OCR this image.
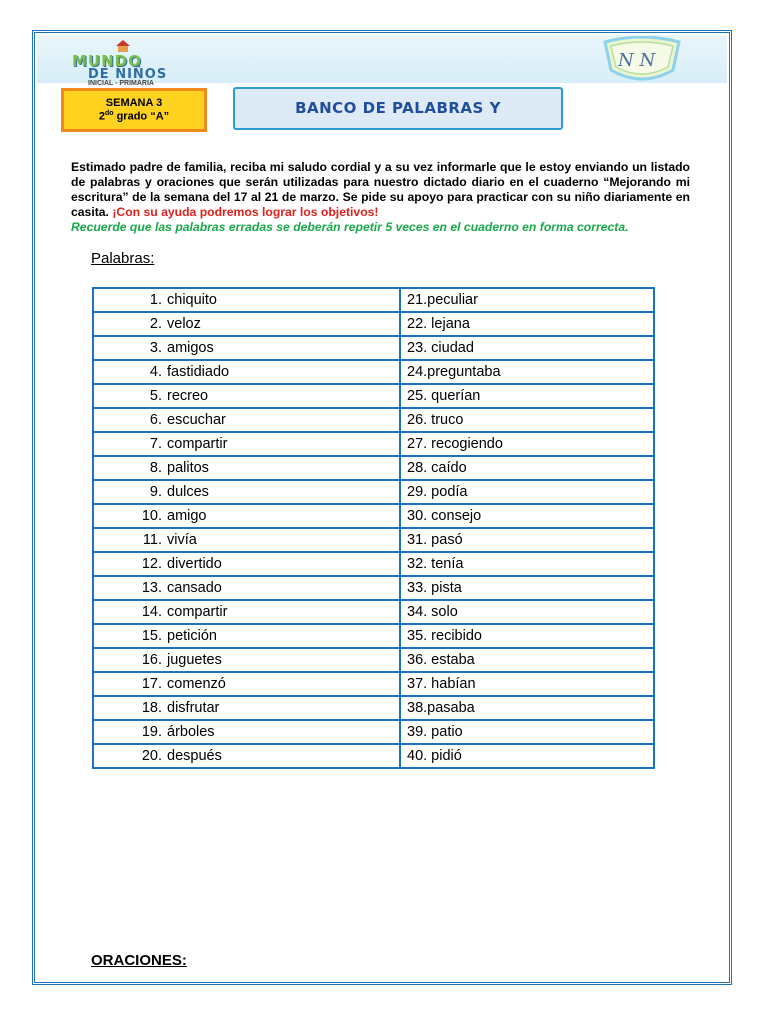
MUNDO
DE NIÑOS
INICIAL - PRIMARIA
N N
SEMANA 3
$2^{do}$ grado “A”	BANCO DE PALABRAS Y
Estimado padre de familia, reciba mi saludo cordial y a su vez informarle que le estoy enviando un listado de palabras y oraciones que serán utilizadas para nuestro dictado diario en el cuaderno “Mejorando mi escritura” de la semana del 17 al 21 de marzo. Se pide su apoyo para practicar con su niño diariamente en casita. ¡Con su ayuda podremos lograr los objetivos!
Recuerde que las palabras erradas se deberán repetir 5 veces en el cuaderno en forma correcta.
Palabras:
1. chiquito	21.peculiar
2. veloz	22. lejana
3. amigos	23. ciudad
4. fastidiado	24.preguntaba
5. recreo	25. querían
6. escuchar	26. truco
7. compartir	27. recogiendo
8. palitos	28. caído
9. dulces	29. podía
10. amigo	30. consejo
11. vivía	31. pasó
12. divertido	32. tenía
13. cansado	33. pista
14. compartir	34. solo
15. petición	35. recibido
16. juguetes	36. estaba
17. comenzó	37. habían
18. disfrutar	38.pasaba
19. árboles	39. patio
20. después	40. pidió
ORACIONES:
